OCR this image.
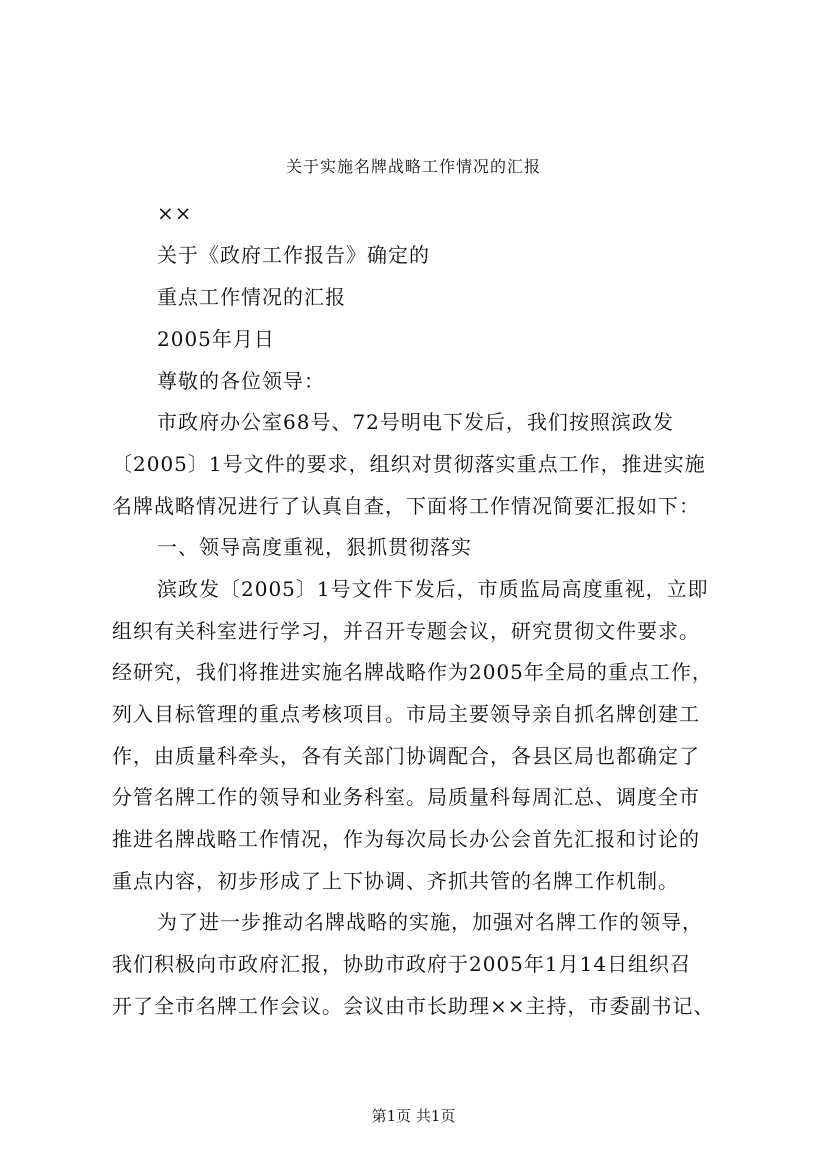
关于实施名牌战略工作情况的汇报
××
关于《政府工作报告》确定的
重点工作情况的汇报
2005年月日
尊敬的各位领导：
市政府办公室68号、72号明电下发后，我们按照滨政发
〔2005〕1号文件的要求，组织对贯彻落实重点工作，推进实施
名牌战略情况进行了认真自查，下面将工作情况简要汇报如下：
一、领导高度重视，狠抓贯彻落实
滨政发〔2005〕1号文件下发后，市质监局高度重视，立即
组织有关科室进行学习，并召开专题会议，研究贯彻文件要求。
经研究，我们将推进实施名牌战略作为2005年全局的重点工作，
列入目标管理的重点考核项目。市局主要领导亲自抓名牌创建工
作，由质量科牵头，各有关部门协调配合，各县区局也都确定了
分管名牌工作的领导和业务科室。局质量科每周汇总、调度全市
推进名牌战略工作情况，作为每次局长办公会首先汇报和讨论的
重点内容，初步形成了上下协调、齐抓共管的名牌工作机制。
为了进一步推动名牌战略的实施，加强对名牌工作的领导，
我们积极向市政府汇报，协助市政府于2005年1月14日组织召
开了全市名牌工作会议。会议由市长助理××主持，市委副书记、
第1页 共1页
